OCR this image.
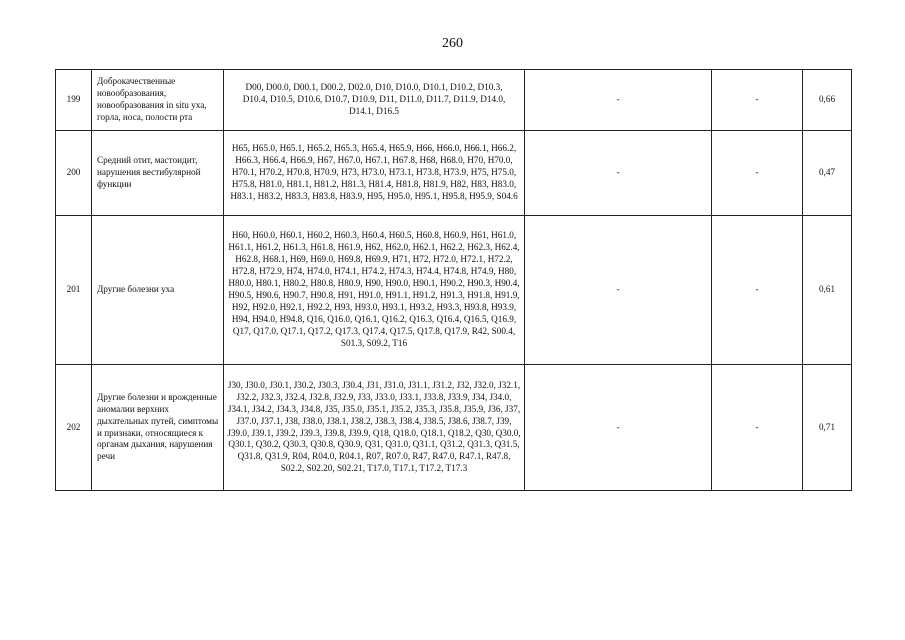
260
199	Доброкачественные новообразования, новообразования in situ уха, горла, носа, полости рта	D00, D00.0, D00.1, D00.2, D02.0, D10, D10.0, D10.1, D10.2, D10.3, D10.4, D10.5, D10.6, D10.7, D10.9, D11, D11.0, D11.7, D11.9, D14.0, D14.1, D16.5	-	-	0,66
200	Средний отит, мастоидит, нарушения вестибулярной функции	H65, H65.0, H65.1, H65.2, H65.3, H65.4, H65.9, H66, H66.0, H66.1, H66.2, H66.3, H66.4, H66.9, H67, H67.0, H67.1, H67.8, H68, H68.0, H70, H70.0, H70.1, H70.2, H70.8, H70.9, H73, H73.0, H73.1, H73.8, H73.9, H75, H75.0, H75.8, H81.0, H81.1, H81.2, H81.3, H81.4, H81.8, H81.9, H82, H83, H83.0, H83.1, H83.2, H83.3, H83.8, H83.9, H95, H95.0, H95.1, H95.8, H95.9, S04.6	-	-	0,47
201	Другие болезни уха	H60, H60.0, H60.1, H60.2, H60.3, H60.4, H60.5, H60.8, H60.9, H61, H61.0, H61.1, H61.2, H61.3, H61.8, H61.9, H62, H62.0, H62.1, H62.2, H62.3, H62.4, H62.8, H68.1, H69, H69.0, H69.8, H69.9, H71, H72, H72.0, H72.1, H72.2, H72.8, H72.9, H74, H74.0, H74.1, H74.2, H74.3, H74.4, H74.8, H74.9, H80, H80.0, H80.1, H80.2, H80.8, H80.9, H90, H90.0, H90.1, H90.2, H90.3, H90.4, H90.5, H90.6, H90.7, H90.8, H91, H91.0, H91.1, H91.2, H91.3, H91.8, H91.9, H92, H92.0, H92.1, H92.2, H93, H93.0, H93.1, H93.2, H93.3, H93.8, H93.9, H94, H94.0, H94.8, Q16, Q16.0, Q16.1, Q16.2, Q16.3, Q16.4, Q16.5, Q16.9, Q17, Q17.0, Q17.1, Q17.2, Q17.3, Q17.4, Q17.5, Q17.8, Q17.9, R42, S00.4, S01.3, S09.2, T16	-	-	0,61
202	Другие болезни и врожденные аномалии верхних дыхательных путей, симптомы и признаки, относящиеся к органам дыхания, нарушения речи	J30, J30.0, J30.1, J30.2, J30.3, J30.4, J31, J31.0, J31.1, J31.2, J32, J32.0, J32.1, J32.2, J32.3, J32.4, J32.8, J32.9, J33, J33.0, J33.1, J33.8, J33.9, J34, J34.0, J34.1, J34.2, J34.3, J34.8, J35, J35.0, J35.1, J35.2, J35.3, J35.8, J35.9, J36, J37, J37.0, J37.1, J38, J38.0, J38.1, J38.2, J38.3, J38.4, J38.5, J38.6, J38.7, J39, J39.0, J39.1, J39.2, J39.3, J39.8, J39.9, Q18, Q18.0, Q18.1, Q18.2, Q30, Q30.0, Q30.1, Q30.2, Q30.3, Q30.8, Q30.9, Q31, Q31.0, Q31.1, Q31.2, Q31.3, Q31.5, Q31.8, Q31.9, R04, R04.0, R04.1, R07, R07.0, R47, R47.0, R47.1, R47.8, S02.2, S02.20, S02.21, T17.0, T17.1, T17.2, T17.3	-	-	0,71
